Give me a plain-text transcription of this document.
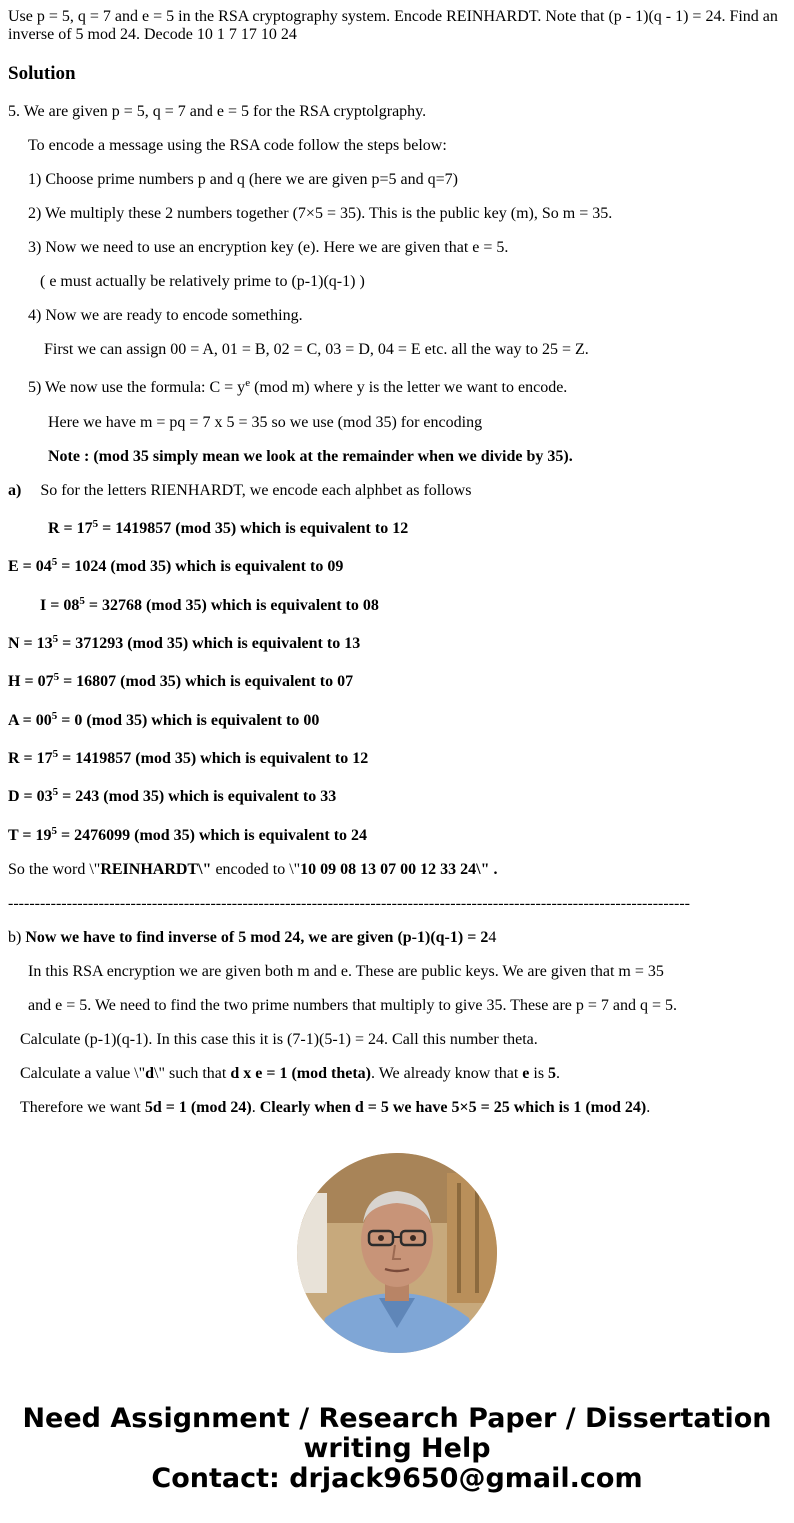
Use p = 5, q = 7 and e = 5 in the RSA cryptography system. Encode REINHARDT. Note that (p - 1)(q - 1) = 24. Find an inverse of 5 mod 24. Decode 10 1 7 17 10 24
Solution
5. We are given p = 5, q = 7 and e = 5 for the RSA cryptolgraphy.
To encode a message using the RSA code follow the steps below:
1) Choose prime numbers p and q (here we are given p=5 and q=7)
2) We multiply these 2 numbers together (7×5 = 35). This is the public key (m), So m = 35.
3) Now we need to use an encryption key (e). Here we are given that e = 5.
( e must actually be relatively prime to (p-1)(q-1) )
4) Now we are ready to encode something.
First we can assign 00 = A, 01 = B, 02 = C, 03 = D, 04 = E etc. all the way to 25 = Z.
5) We now use the formula: $C = y^e$ (mod m) where y is the letter we want to encode.
Here we have m = pq = 7 x 5 = 35 so we use (mod 35) for encoding
Note : (mod 35 simply mean we look at the remainder when we divide by 35).
a) So for the letters RIENHARDT, we encode each alphbet as follows
$R = 17^5 = 1419857$ (mod 35) which is equivalent to 12
$E = 04^5 = 1024$ (mod 35) which is equivalent to 09
$I = 08^5 = 32768$ (mod 35) which is equivalent to 08
$N = 13^5 = 371293$ (mod 35) which is equivalent to 13
$H = 07^5 = 16807$ (mod 35) which is equivalent to 07
$A = 00^5 = 0$ (mod 35) which is equivalent to 00
$R = 17^5 = 1419857$ (mod 35) which is equivalent to 12
$D = 03^5 = 243$ (mod 35) which is equivalent to 33
$T = 19^5 = 2476099$ (mod 35) which is equivalent to 24
So the word \"REINHARDT\" encoded to \"10 09 08 13 07 00 12 33 24\" .
--------------------------------------------------------------------------------------------------------------------------------
b) Now we have to find inverse of 5 mod 24, we are given (p-1)(q-1) = 24
In this RSA encryption we are given both m and e. These are public keys. We are given that m = 35
and e = 5. We need to find the two prime numbers that multiply to give 35. These are p = 7 and q = 5.
Calculate (p-1)(q-1). In this case this it is (7-1)(5-1) = 24. Call this number theta.
Calculate a value \"d\" such that d x e = 1 (mod theta). We already know that e is 5.
Therefore we want 5d = 1 (mod 24). Clearly when d = 5 we have 5×5 = 25 which is 1 (mod 24).
Need Assignment / Research Paper / Dissertation
writing Help
Contact: drjack9650@gmail.com
